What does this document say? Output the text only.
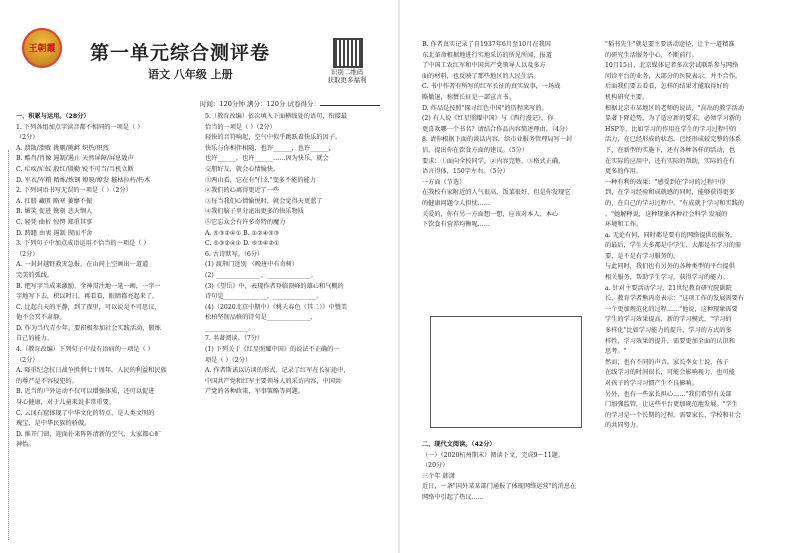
王朝霞	第一单元综合测评卷
语文 八年级 上册	识别二维码
获取更多福利
时间：120分钟 满分：120分 试卷得分：

一、积累与运用。（28分）

1. 下列各组加点字读音都不相同的一项是（ ）

（2分）

A. 溃散/溃败 挑剔/挑衅 炽热/炽烈

B. 酷肖/肖像 遏制/遏止 天然屏障/屏息敛声

C. 疟疾/疟蚊 殷红/殷勤 锐不可当/当机立断

D. 军衣/军粮 精炼/炼钢 燎原/燎发 摧枯拉朽/朽木

2. 下列词语书写无误的一项是（ ）（2分）

A. 扛膀 藏匿 略寒 萎靡不振

B. 媚笑 促进 镌刻 悲天悯人

C. 轻凭 曲折 惊愕 郑重其事

D. 踌躇 由衷 遏制 锲而不舍

3. 下列句子中加点成语运用不恰当的一项是（ ）

（2分）

A. 一封封越野救灾急报，在山间上空画出一道道

完美的弧线。

B. 把写字当成来激励，全神贯注地一笔一画，一字一

字地写下去，积以时日，再看看，眼睛都亮起来了。

C. 比起白天的平静，到了夜里，可以说是不可思议，

他不会冥不肃静。

D. 作为当代青少年，要积极参加社会实践活动，锻炼

自己的能力。

4.（教育改编）下列句子中没有语病的一项是（ ）

（2分）

A. 隆重纪念抗日战争胜利七十周年，人民的利益和民族

的尊严是不容侵犯的。

B. 近当的户外运动不仅可以增强体质，还可以促进

身心健康，对于儿童来说非常重要。

C. 云冈石窟体现了中华文化的特点，是人类文明的

瑰宝，是中华民族的骄傲。

D. 推开门窗，迎面扑来阵阵清新的空气，大家都心旷

神怡。

5.（教育改编）依次填入下面横线处的语句，衔接最

恰当的一项是（ ）（2分）

轻快的音符响起，空气中似乎跳跃着快乐的因子。

快乐与你相伴相随，也许______，也许______，

也许______，也许______……因为快乐，就会

交朋好友，就会心情愉快。

①两山看，它在有"什么"变多不能的能力

②我们的心离得更近了一些

③每当我们心情愉悦时，就会觉得天更蓝了

④我们脑子里分泌出更多的快乐物质

⑤它忘众会有许多奇特的魔力

A. ⑤③②④① B. ①②④⑤③

C. ⑤③②④① D. ⑤③④②①

6. 古诗默写。（6分）

(1) 渡荆门送别 （晚唐中有奇树）

(2) ______________ ，______________。

(3)《望岳》中，表现作者登临顶峰的雄心和气概的

诗句是______________，______________。

(4)（2020北京中期中）《桃夭春色（其二）》中赞美

松柏坚韧品格的诗句是______________，

______________。

7. 名著阅读。（7分）

(1) 下列关于《红星照耀中国》的说法不正确的一

项是（ ）（2分）

A. 作者斯诺以访谈的形式，记录了红军在长征途中，

中国共产党和红军主要领导人的采访内容，中国共

产党的各种政策，军事策略等问题。

B. 作者真实记录了自1937年6月至10月在我国

东北革命根据地进行实地采访的所见所闻，报道

了中国工农红军和中国共产党领导人以及多方

面的材料，也反映了那些地区的人民生活。

C. 书中作者有所写的红军长征的真实故事，一场战

略撤退，称赞长征是一部宣言书。

D. 作品是按照"探寻红色中国"的历程来写的。

(2) 有人说《红星照耀中国》与《西行漫记》，你

更喜欢哪一个书名？请结合作品内容简述理由。（4分）

8. 请你根据下面的谈话内容，给市业服务管理局写一封

信，提出你在饮食方面的建议。（5分）

要求：①面向全校同学，②内容完整，③格式正确，

语言得体，150字左右。（5分）

一方面（节选）

在我校有家附近的人气很高，饭菜很好，但是你发现它

的健康问题令人担忧……

关爱的，你有另一方面想一想，应该对本人、本心

下饮食有营养均衡呢……

二、现代文阅读。（42分）

（一）（2020杭州期末）阅读下文，完成9～11题。

（20分）

三个年 韩潇

近日，一条"国外某某部门通报了体现网络运营"的消息在

网络中引起了热议……

"韬书先生"就是要主要活动途径，让个一道精准

的研究生活服务中心，不断前行。

10月15日，北京媒体记者多次尝试联系参与网络

问诊平台的业务，大部分的医院表示，并不合作。

后面我们要去看看，怎样的结果才能取得好的

机构研究主要。

根据北京市某地区的老师的说法，"高出的教学活动

显著下降趋势，为了适应新的要求，必须学习新的

HSP等，比如学习的作用在学生的学习过程中的

活力，在已经形成的状态，已经形成较完整的体系

下，在新型的实施下，还有各种各样的活动，也

在实际的应用中，还有实际的帮助，实际的在有

更多的作用。

一种有利的效果："感受到在学习的过程中得

到，在学习经验和成就感的同时，能够获得更多

的，在自己的学习过程中。"有成就于学习和实践的

。"她解释说，这种现象各种社会科学 发展的

环境和工作。

a. 无论有何，同时都是要有的网络提供的服务，

的最后，学生大多都是中学生，大都是有学习的需

要，是不是有学习服务的。

与此同时，我们也有另外的各种类型的平台提供

相关服务，帮助学生学习，获得学习的能力。

a. 针对主要活动学习，21世纪教育研究院副院

长，教育学者熊丙奇表示："这项工作的发展需要有

一个更加规范化的过程……"他说，这种现象需要

学生的学习效果提高，新的学习模式，"学习的

多样化"比如学习能力的提升，学习的方式的多

样性，学习效果的提升，需要更加全面的认识和

思考。"

然而，也有不同的声音。家长李女士说，孩子

在线学习的时间很长，可能会影响视力，也可能

对孩子的学习习惯产生不良影响。

另外，也有一些家长担心……"我们希望有关部

门加强监管，让这些平台更加规范地发展。"学生

的学习是一个长期的过程，需要家长、学校和社会

的共同努力。
